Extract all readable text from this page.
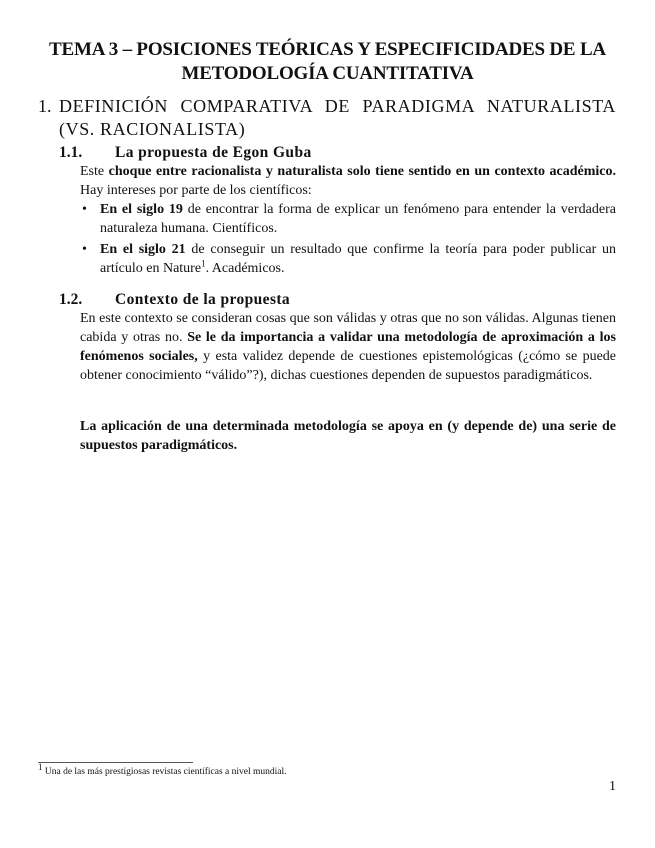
TEMA 3 – POSICIONES TEÓRICAS Y ESPECIFICIDADES DE LA
METODOLOGÍA CUANTITATIVA
1. DEFINICIÓN COMPARATIVA DE PARADIGMA NATURALISTA (VS. RACIONALISTA)
1.1. La propuesta de Egon Guba
Este choque entre racionalista y naturalista solo tiene sentido en un contexto académico. Hay intereses por parte de los científicos:
• En el siglo 19 de encontrar la forma de explicar un fenómeno para entender la verdadera naturaleza humana. Científicos.
• En el siglo 21 de conseguir un resultado que confirme la teoría para poder publicar un artículo en Nature$^1$. Académicos.
1.2. Contexto de la propuesta
En este contexto se consideran cosas que son válidas y otras que no son válidas. Algunas tienen cabida y otras no. Se le da importancia a validar una metodología de aproximación a los fenómenos sociales, y esta validez depende de cuestiones epistemológicas (¿cómo se puede obtener conocimiento “válido”?), dichas cuestiones dependen de supuestos paradigmáticos.
La aplicación de una determinada metodología se apoya en (y depende de) una serie de supuestos paradigmáticos.
$^1$ Una de las más prestigiosas revistas científicas a nivel mundial.
1
